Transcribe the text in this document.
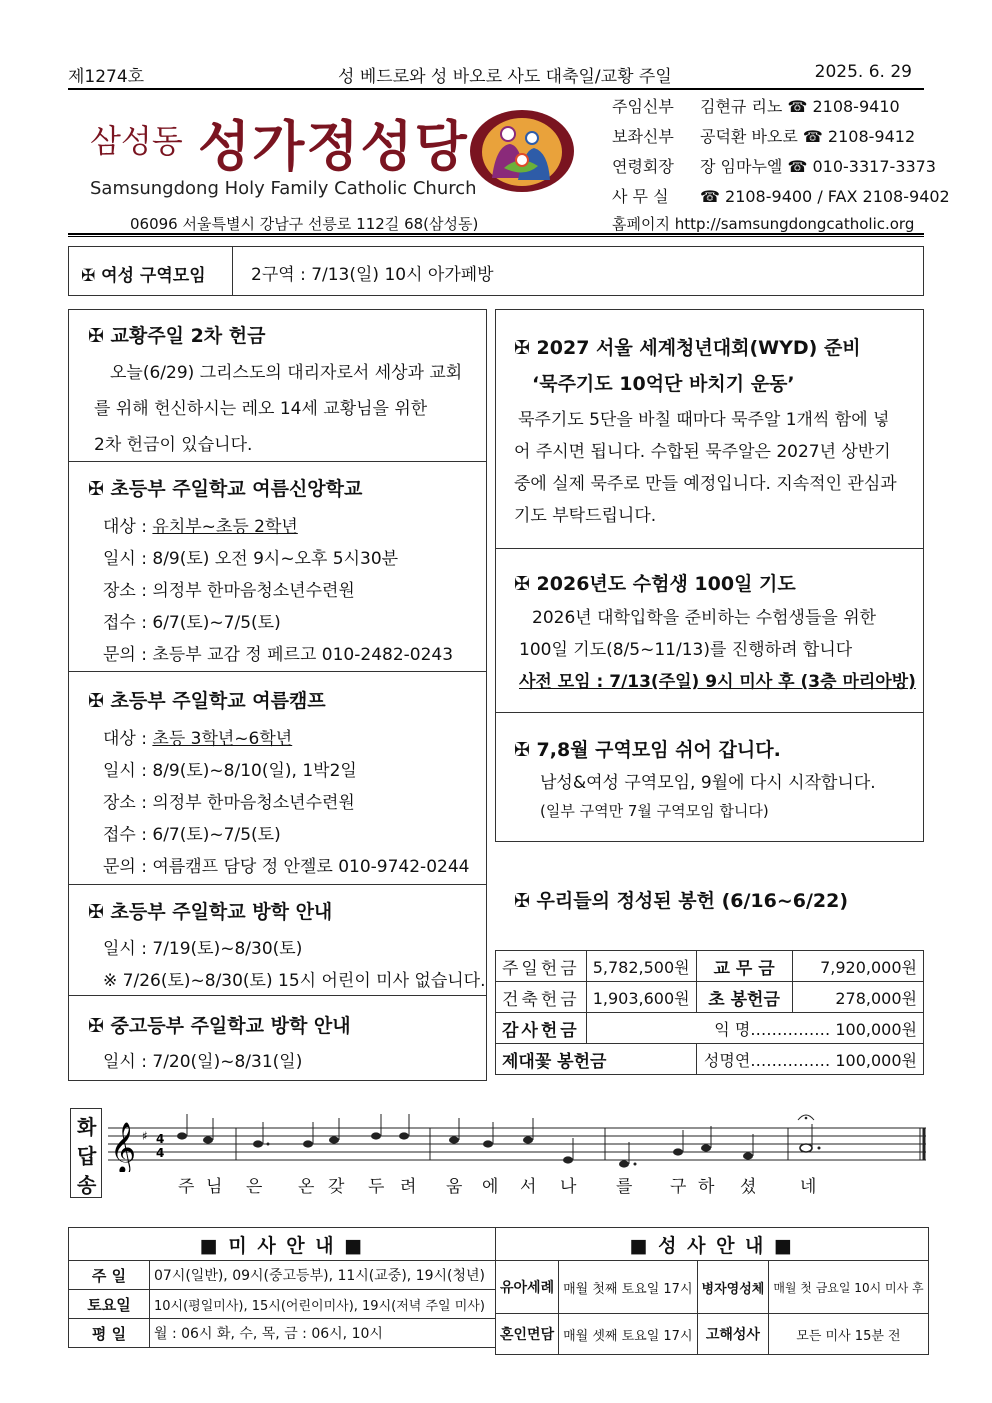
제1274호	성 베드로와 성 바오로 사도 대축일/교황 주일	2025. 6. 29
삼성동 성가정성당
Samsungdong Holy Family Catholic Church
06096 서울특별시 강남구 선릉로 112길 68(삼성동)
주임신부 김현규 리노 ☎ 2108-9410
보좌신부 공덕환 바오로 ☎ 2108-9412
연령회장 장 임마누엘 ☎ 010-3317-3373
사 무 실 ☎ 2108-9400 / FAX 2108-9402
홈페이지 http://samsungdongcatholic.org
✠ 여성 구역모임	2구역 : 7/13(일) 10시 아가페방
✠ 교황주일 2차 헌금
오늘(6/29) 그리스도의 대리자로서 세상과 교회
를 위해 헌신하시는 레오 14세 교황님을 위한
2차 헌금이 있습니다.
✠ 초등부 주일학교 여름신앙학교
대상 : 유치부~초등 2학년
일시 : 8/9(토) 오전 9시~오후 5시30분
장소 : 의정부 한마음청소년수련원
접수 : 6/7(토)~7/5(토)
문의 : 초등부 교감 정 페르고 010-2482-0243
✠ 초등부 주일학교 여름캠프
대상 : 초등 3학년~6학년
일시 : 8/9(토)~8/10(일), 1박2일
장소 : 의정부 한마음청소년수련원
접수 : 6/7(토)~7/5(토)
문의 : 여름캠프 담당 정 안젤로 010-9742-0244
✠ 초등부 주일학교 방학 안내
일시 : 7/19(토)~8/30(토)
※ 7/26(토)~8/30(토) 15시 어린이 미사 없습니다.
✠ 중고등부 주일학교 방학 안내
일시 : 7/20(일)~8/31(일)
✠ 2027 서울 세계청년대회(WYD) 준비
‘묵주기도 10억단 바치기 운동’
묵주기도 5단을 바칠 때마다 묵주알 1개씩 함에 넣
어 주시면 됩니다. 수합된 묵주알은 2027년 상반기
중에 실제 묵주로 만들 예정입니다. 지속적인 관심과
기도 부탁드립니다.
✠ 2026년도 수험생 100일 기도
2026년 대학입학을 준비하는 수험생들을 위한
100일 기도(8/5~11/13)를 진행하려 합니다
사전 모임 : 7/13(주일) 9시 미사 후 (3층 마리아방)
✠ 7,8월 구역모임 쉬어 갑니다.
남성&여성 구역모임, 9월에 다시 시작합니다.
(일부 구역만 7월 구역모임 합니다)
✠ 우리들의 정성된 봉헌 (6/16~6/22)
주일헌금	5,782,500원	교 무 금	7,920,000원
건축헌금	1,903,600원	초 봉헌금	278,000원
감사헌금	익 명…………… 100,000원		
제대꽃 봉헌금		성명연…………… 100,000원	
화
답
송
𝄞 ♯ 4
4
주 님 은 온 갖 두 려 움 에 서 나 를 구 하 셨	네
■ 미 사 안 내 ■	
주 일	07시(일반), 09시(중고등부), 11시(교중), 19시(청년)
토요일	10시(평일미사), 15시(어린이미사), 19시(저녁 주일 미사)
평 일	월 : 06시 화, 수, 목, 금 : 06시, 10시
■ 성 사 안 내 ■			
유아세례	매월 첫째 토요일 17시	병자영성체	매월 첫 금요일 10시 미사 후
혼인면담	매월 셋째 토요일 17시	고해성사	모든 미사 15분 전
